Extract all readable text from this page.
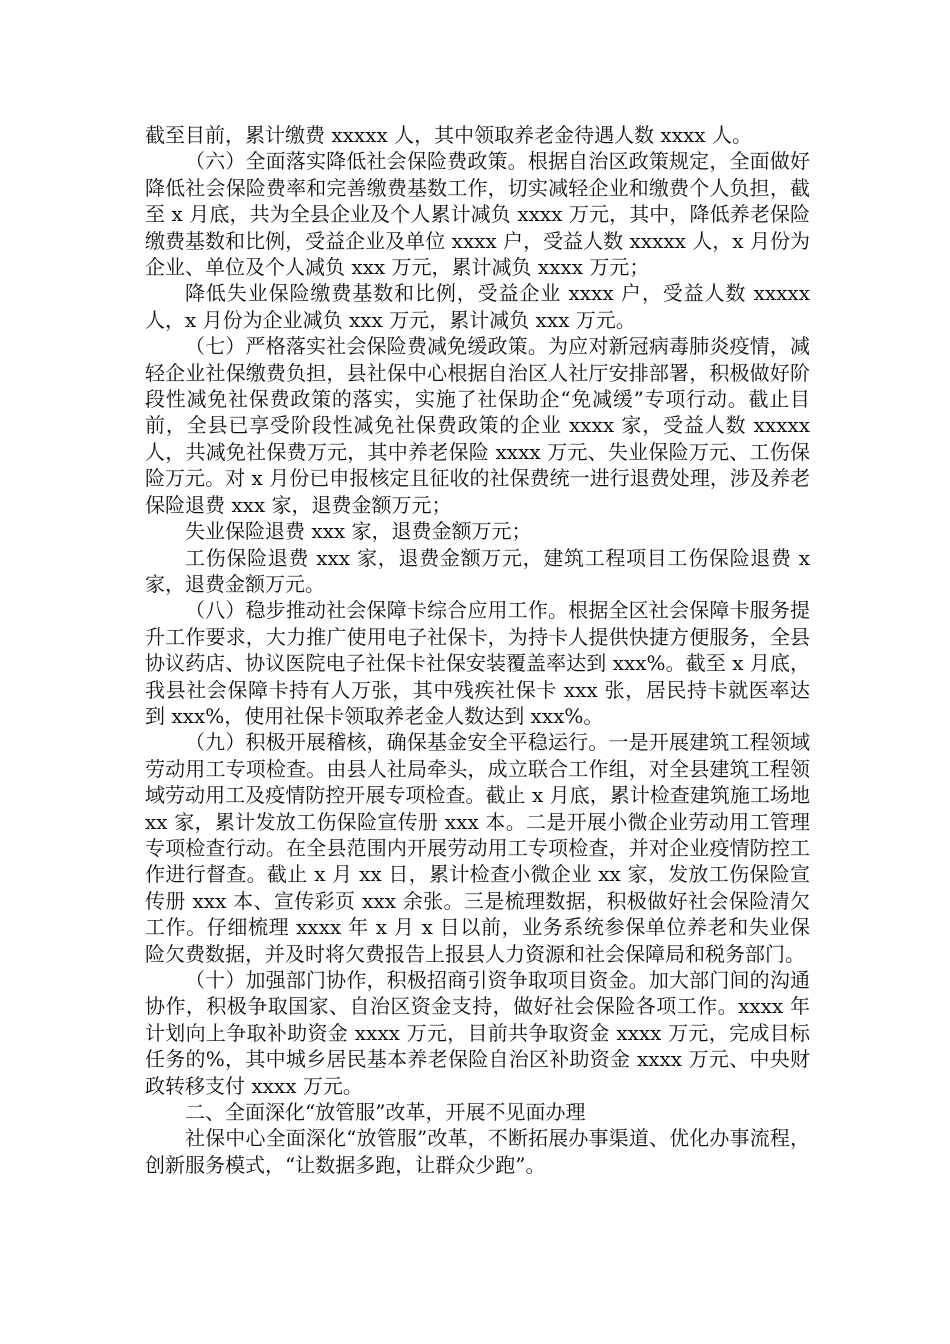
截至目前，累计缴费 xxxxx 人，其中领取养老金待遇人数 xxxx 人。

（六）全面落实降低社会保险费政策。根据自治区政策规定，全面做好降低社会保险费率和完善缴费基数工作，切实减轻企业和缴费个人负担，截至 x 月底，共为全县企业及个人累计减负 xxxx 万元，其中，降低养老保险缴费基数和比例，受益企业及单位 xxxx 户，受益人数 xxxxx 人，x 月份为企业、单位及个人减负 xxx 万元，累计减负 xxxx 万元；

降低失业保险缴费基数和比例，受益企业 xxxx 户，受益人数 xxxxx 人，x 月份为企业减负 xxx 万元，累计减负 xxx 万元。

（七）严格落实社会保险费减免缓政策。为应对新冠病毒肺炎疫情，减轻企业社保缴费负担，县社保中心根据自治区人社厅安排部署，积极做好阶段性减免社保费政策的落实，实施了社保助企“免减缓”专项行动。截止目前，全县已享受阶段性减免社保费政策的企业 xxxx 家，受益人数 xxxxx 人，共减免社保费万元，其中养老保险 xxxx 万元、失业保险万元、工伤保险万元。对 x 月份已申报核定且征收的社保费统一进行退费处理，涉及养老保险退费 xxx 家，退费金额万元；

失业保险退费 xxx 家，退费金额万元；

工伤保险退费 xxx 家，退费金额万元，建筑工程项目工伤保险退费 x 家，退费金额万元。

（八）稳步推动社会保障卡综合应用工作。根据全区社会保障卡服务提升工作要求，大力推广使用电子社保卡，为持卡人提供快捷方便服务，全县协议药店、协议医院电子社保卡社保安装覆盖率达到 xxx%。截至 x 月底，我县社会保障卡持有人万张，其中残疾社保卡 xxx 张，居民持卡就医率达到 xxx%，使用社保卡领取养老金人数达到 xxx%。

（九）积极开展稽核，确保基金安全平稳运行。一是开展建筑工程领域劳动用工专项检查。由县人社局牵头，成立联合工作组，对全县建筑工程领域劳动用工及疫情防控开展专项检查。截止 x 月底，累计检查建筑施工场地 xx 家，累计发放工伤保险宣传册 xxx 本。二是开展小微企业劳动用工管理专项检查行动。在全县范围内开展劳动用工专项检查，并对企业疫情防控工作进行督查。截止 x 月 xx 日，累计检查小微企业 xx 家，发放工伤保险宣传册 xxx 本、宣传彩页 xxx 余张。三是梳理数据，积极做好社会保险清欠工作。仔细梳理 xxxx 年 x 月 x 日以前，业务系统参保单位养老和失业保险欠费数据，并及时将欠费报告上报县人力资源和社会保障局和税务部门。

（十）加强部门协作，积极招商引资争取项目资金。加大部门间的沟通协作，积极争取国家、自治区资金支持，做好社会保险各项工作。xxxx 年计划向上争取补助资金 xxxx 万元，目前共争取资金 xxxx 万元，完成目标任务的%，其中城乡居民基本养老保险自治区补助资金 xxxx 万元、中央财政转移支付 xxxx 万元。

二、全面深化“放管服”改革，开展不见面办理

社保中心全面深化“放管服”改革，不断拓展办事渠道、优化办事流程，创新服务模式，“让数据多跑，让群众少跑”。
